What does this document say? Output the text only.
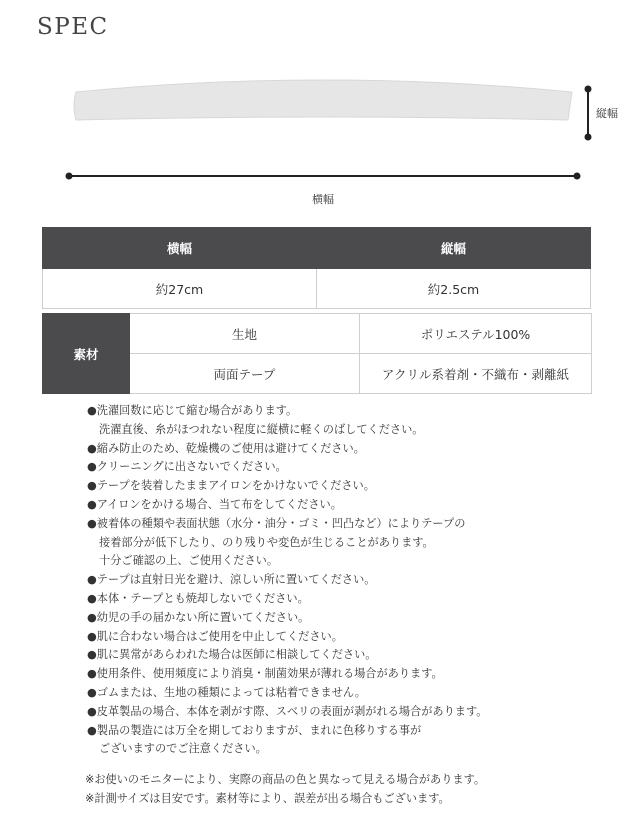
SPEC
縦幅
横幅
横幅	縦幅
約27cm	約2.5cm
素材	生地	ポリエステル100%
	両面テープ	アクリル系着剤・不織布・剥離紙
●洗濯回数に応じて縮む場合があります。
洗濯直後、糸がほつれない程度に縦横に軽くのばしてください。
●縮み防止のため、乾燥機のご使用は避けてください。
●クリーニングに出さないでください。
●テープを装着したままアイロンをかけないでください。
●アイロンをかける場合、当て布をしてください。
●被着体の種類や表面状態（水分・油分・ゴミ・凹凸など）によりテープの
接着部分が低下したり、のり残りや変色が生じることがあります。
十分ご確認の上、ご使用ください。
●テープは直射日光を避け、涼しい所に置いてください。
●本体・テープとも焼却しないでください。
●幼児の手の届かない所に置いてください。
●肌に合わない場合はご使用を中止してください。
●肌に異常があらわれた場合は医師に相談してください。
●使用条件、使用頻度により消臭・制菌効果が薄れる場合があります。
●ゴムまたは、生地の種類によっては粘着できません。
●皮革製品の場合、本体を剥がす際、スベリの表面が剥がれる場合があります。
●製品の製造には万全を期しておりますが、まれに色移りする事が
ございますのでご注意ください。
※お使いのモニターにより、実際の商品の色と異なって見える場合があります。
※計測サイズは目安です。素材等により、誤差が出る場合もございます。
